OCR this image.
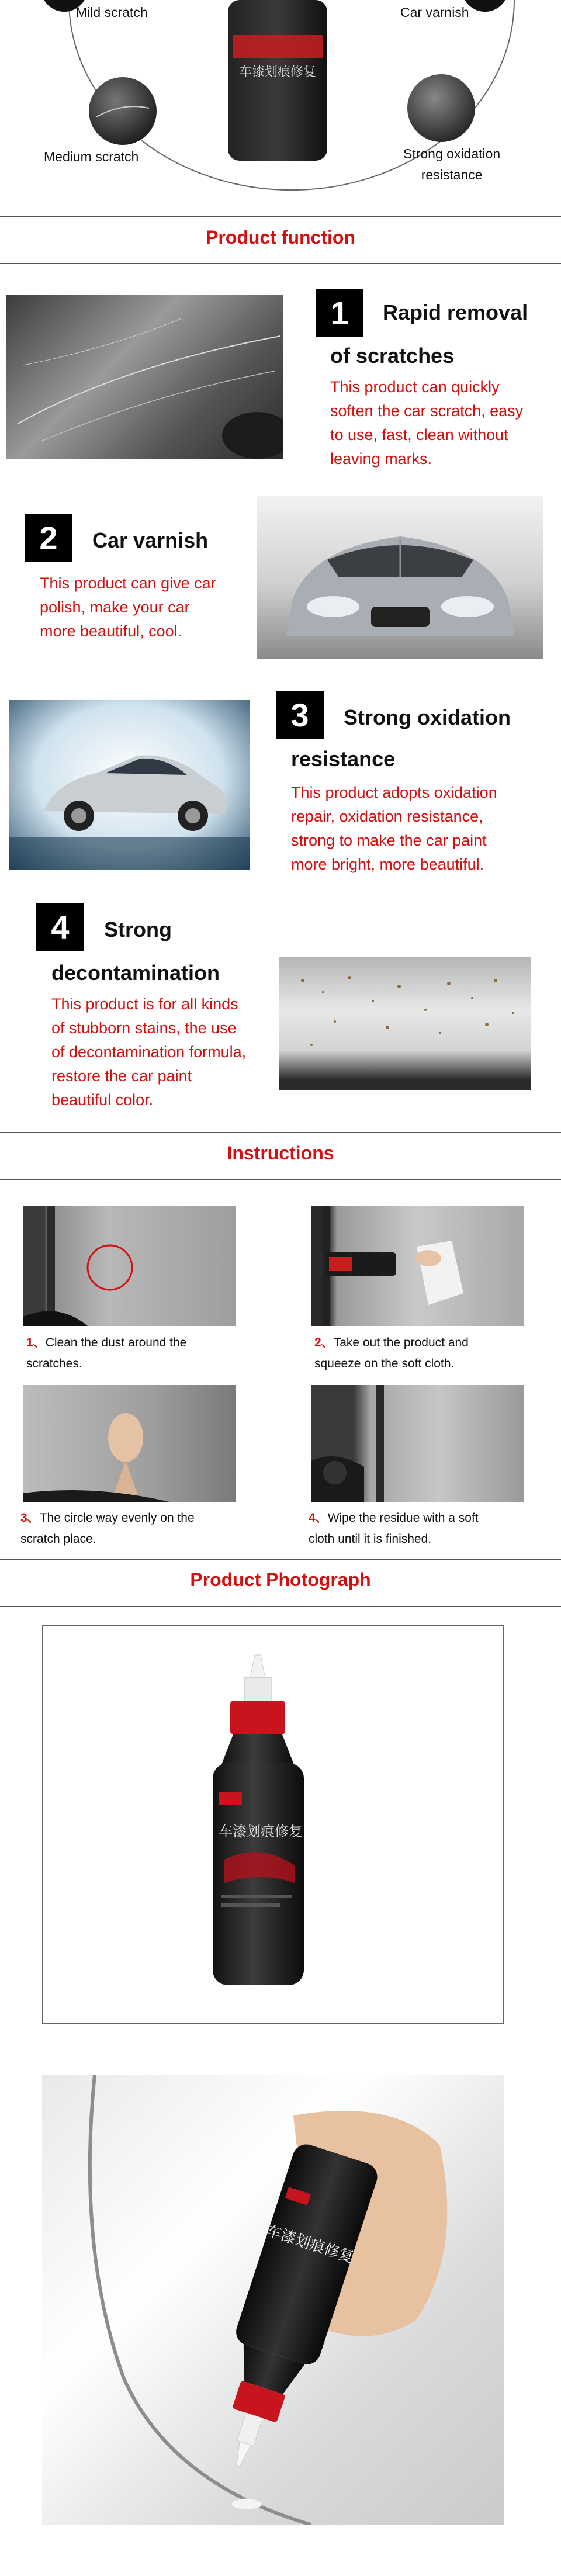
车漆划痕修复
Mild scratch	Car varnish
Medium scratch	Strong oxidation
resistance
Product function
1	Rapid removal
of scratches
This product can quickly
soften the car scratch, easy
to use, fast, clean without
leaving marks.
2	Car varnish
This product can give car
polish, make your car
more beautiful, cool.
3	Strong oxidation
resistance
This product adopts oxidation
repair, oxidation resistance,
strong to make the car paint
more bright, more beautiful.
4	Strong
decontamination
This product is for all kinds
of stubborn stains, the use
of decontamination formula,
restore the car paint
beautiful color.
Instructions
1、Clean the dust around the
scratches.
2、Take out the product and
squeeze on the soft cloth.
3、The circle way evenly on the
scratch place.
4、Wipe the residue with a soft
cloth until it is finished.
Product Photograph
车漆划痕修复
车漆划痕修复
